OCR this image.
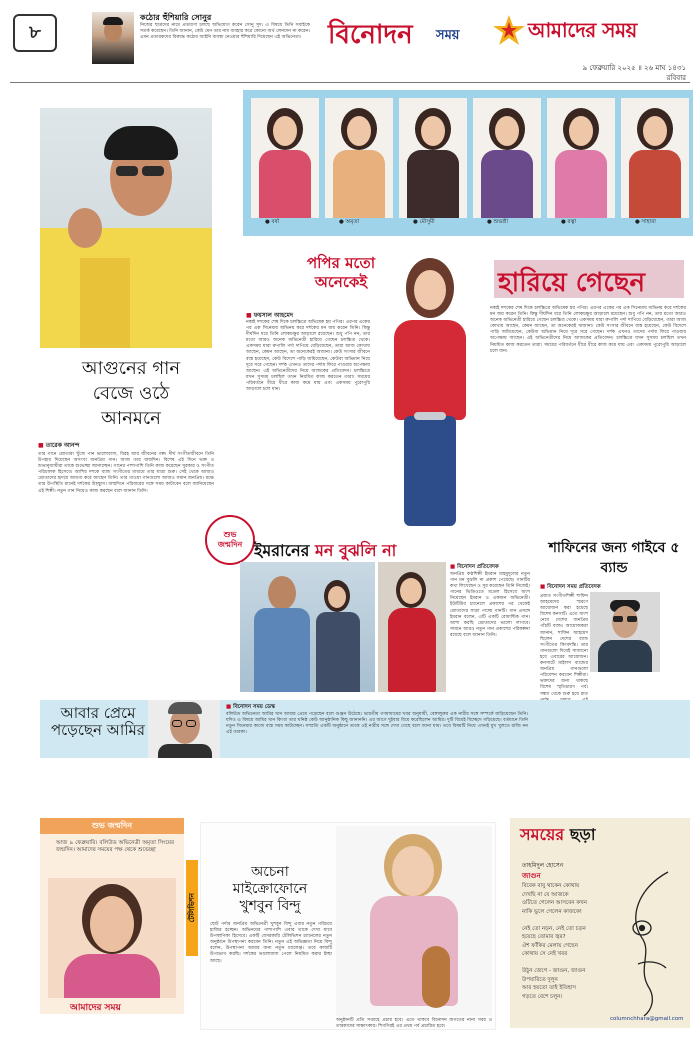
৮
কঠোর হুঁশিয়ারি সোনুর
নিজের ছাত্রদের নামে প্রতারণা চলছে অভিযোগ করেন সোনু সুদ। এ বিষয়ে তিনি সবাইকে সতর্ক করেছেন। তিনি জানান, কেউ যেন তার নাম ব্যবহার করে কোনো অর্থ লেনদেন না করেন। এমন প্রতারকদের বিরুদ্ধে কঠোর আইনি ব্যবস্থা নেওয়ার হুঁশিয়ারি দিয়েছেন এই অভিনেতা।	বিনোদন সময়	আমাদের সময়
৯ ফেব্রুয়ারি ২০২৫ ॥ ২৬ মাঘ ১৪৩১
রবিবার
আগুনের গান বেজে ওঠে আনমনে
■ তারেক আনন্দ
তার গানে শ্রোতারা খুঁজে পান ভালোবাসা, বিরহ আর জীবনের গল্প। দীর্ঘ সংগীতজীবনে তিনি উপহার দিয়েছেন অসংখ্য জনপ্রিয় গান। আজ তার জন্মদিন। বিশেষ এই দিনে ভক্ত ও শুভানুধ্যায়ীরা তাকে শুভেচ্ছা জানাচ্ছেন। গানের পাশাপাশি তিনি কাজ করেছেন সুরকার ও সংগীত পরিচালক হিসেবে। আশির দশকে ব্যান্ড সংগীতের মাধ্যমে তার যাত্রা শুরু। সেই থেকে আজও শ্রোতাদের হৃদয়ে জায়গা করে আছেন তিনি। তার গাওয়া গানগুলো আজও সমান জনপ্রিয়। মঞ্চে তার উপস্থিতি মানেই দর্শকের উচ্ছ্বাস। জন্মদিনে পরিবারের সঙ্গে সময় কাটাবেন বলে জানিয়েছেন এই শিল্পী। নতুন গান নিয়েও কাজ করছেন বলে জানান তিনি।
শুভ জন্মদিন
● বর্ষা	● অমৃতা	● মৌসুমী	● শুভশ্রী	● রত্না	● সাহারা
পপির মতো অনেকেই	হারিয়ে গেছেন
■ ফয়সাল আহমেদ
নব্বই দশকের শেষ দিকে চলচ্চিত্রে অভিষেক হয় পপির। এরপর একের পর এক সিনেমায় অভিনয় করে দর্শকের মন জয় করেন তিনি। কিন্তু দীর্ঘদিন ধরে তিনি লোকচক্ষুর আড়ালে রয়েছেন। শুধু পপি নন, তার মতো আরও অনেক অভিনেত্রী হারিয়ে গেছেন চলচ্চিত্র থেকে। একসময় যারা রুপালি পর্দা দাপিয়ে বেড়িয়েছেন, তারা আজ কোথায় আছেন, কেমন আছেন, তা অনেকেরই অজানা। কেউ সংসার জীবনে ব্যস্ত হয়েছেন, কেউ বিদেশে পাড়ি জমিয়েছেন, কেউবা অভিমান নিয়ে দূরে সরে গেছেন। দর্শক এখনও তাদের পর্দায় ফিরে পাওয়ার অপেক্ষায় আছেন। এই অভিনেত্রীদের নিয়ে আজকের প্রতিবেদন। চলচ্চিত্রে যখন সুসময় চলছিল তখন নিয়মিত কাজ করতেন তারা। সময়ের পরিবর্তনে ধীরে ধীরে কাজ কমে যায় এবং একসময় পুরোপুরি আড়ালে চলে যান।
নব্বই দশকের শেষ দিকে চলচ্চিত্রে অভিষেক হয় পপির। এরপর একের পর এক সিনেমায় অভিনয় করে দর্শকের মন জয় করেন তিনি। কিন্তু দীর্ঘদিন ধরে তিনি লোকচক্ষুর আড়ালে রয়েছেন। শুধু পপি নন, তার মতো আরও অনেক অভিনেত্রী হারিয়ে গেছেন চলচ্চিত্র থেকে। একসময় যারা রুপালি পর্দা দাপিয়ে বেড়িয়েছেন, তারা আজ কোথায় আছেন, কেমন আছেন, তা অনেকেরই অজানা। কেউ সংসার জীবনে ব্যস্ত হয়েছেন, কেউ বিদেশে পাড়ি জমিয়েছেন, কেউবা অভিমান নিয়ে দূরে সরে গেছেন। দর্শক এখনও তাদের পর্দায় ফিরে পাওয়ার অপেক্ষায় আছেন। এই অভিনেত্রীদের নিয়ে আজকের প্রতিবেদন। চলচ্চিত্রে যখন সুসময় চলছিল তখন নিয়মিত কাজ করতেন তারা। সময়ের পরিবর্তনে ধীরে ধীরে কাজ কমে যায় এবং একসময় পুরোপুরি আড়ালে চলে যান।
ইমরানের মন বুঝলি না
■ বিনোদন প্রতিবেদক
জনপ্রিয় কণ্ঠশিল্পী ইমরান মাহমুদুলের নতুন গান মন বুঝলি না প্রকাশ পেয়েছে। গানটির কথা লিখেছেন ও সুর করেছেন তিনি নিজেই। গানের ভিডিওতে মডেল হিসেবে অংশ নিয়েছেন ইমরান ও একজন অভিনেত্রী। ইউটিউব চ্যানেলে প্রকাশের পর থেকেই শ্রোতাদের সাড়া পাচ্ছে গানটি। গান প্রসঙ্গে ইমরান বলেন, এটি একটি রোমান্টিক গান। আশা করছি শ্রোতাদের ভালো লাগবে। সামনে আরও নতুন গান প্রকাশের পরিকল্পনা রয়েছে বলে জানান তিনি।
শাফিনের জন্য গাইবে ৫ ব্যান্ড
■ বিনোদন সময় প্রতিবেদক
প্রয়াত সংগীতশিল্পী শাফিন আহমেদের স্মরণে আয়োজন করা হয়েছে বিশেষ কনসার্ট। এতে অংশ নেবে দেশের জনপ্রিয় পাঁচটি ব্যান্ড। আয়োজকরা জানান, শাফিন আহমেদ ছিলেন দেশের ব্যান্ড সংগীতের কিংবদন্তি। তার গানগুলো দিয়েই সাজানো হবে এবারের আয়োজন। কনসার্টে মাইলস ব্যান্ডের জনপ্রিয় গানগুলো পরিবেশন করবেন শিল্পীরা। ভক্তদের জন্য থাকছে বিশেষ স্মৃতিচারণ পর্ব। সন্ধ্যা থেকে শুরু হয়ে রাত
আবার প্রেমে পড়েছেন আমির
■ বিনোদন সময় ডেস্ক
বলিউড অভিনেতা আমির খান আবার প্রেমে পড়েছেন বলে গুঞ্জন উঠেছে। ভারতীয় গণমাধ্যমের খবর অনুযায়ী, বেঙ্গালুরুর এক নারীর সঙ্গে সম্পর্কে জড়িয়েছেন তিনি। যদিও এ বিষয়ে আমির খান কিংবা তার ঘনিষ্ঠ কেউ আনুষ্ঠানিক কিছু জানাননি। এর আগে দুইবার বিয়ে করেছিলেন আমির। দুটি বিয়েই বিচ্ছেদে গড়িয়েছে। বর্তমানে তিনি নতুন সিনেমার কাজে ব্যস্ত সময় কাটাচ্ছেন। সম্প্রতি একটি অনুষ্ঠানে তাকে ওই নারীর সঙ্গে দেখা গেছে বলে জানা যায়। তবে বিষয়টি নিয়ে এখনই মুখ খুলতে রাজি নন এই তারকা।
শুভ জন্মদিন
আজ ৯ ফেব্রুয়ারি। বলিউড অভিনেত্রী অমৃতা সিংয়ের জন্মদিন। আমাদের সময়ের পক্ষ থেকে শুভেচ্ছা
আমাদের সময়
টেলিভিশন
অচেনা মাইক্রোফোনে খুশবুন বিন্দু
ছোট পর্দার জনপ্রিয় অভিনেত্রী খুশবুন বিন্দু এবার নতুন পরিচয়ে হাজির হচ্ছেন। অভিনয়ের পাশাপাশি এবার তাকে দেখা যাবে উপস্থাপিকা হিসেবে। একটি বেসরকারি টেলিভিশন চ্যানেলের নতুন অনুষ্ঠানে উপস্থাপনা করবেন তিনি। নতুন এই অভিজ্ঞতা নিয়ে বিন্দু বলেন, উপস্থাপনা আমার জন্য নতুন চ্যালেঞ্জ। তবে কাজটি উপভোগ করছি। দর্শকের ভালোবাসা পেলে নিয়মিত করার ইচ্ছা আছে।
অনুষ্ঠানটি প্রতি সপ্তাহে প্রচার হবে। এতে থাকবে বিনোদন জগতের নানা খবর ও তারকাদের সাক্ষাৎকার। শিগগিরই এর প্রথম পর্ব প্রচারিত হবে।
সময়ের ছড়া
তাহমিদুল হোসেন
জাগুন
বিবেক বাবু থাকেন কোথায়
দেখছি না যে আজকে
ওটিতে গেলেন আসবেন কখন
নাকি ভুলে গেলেন কাজকে!

নেই তো নড়ন, নেই তো চড়ন
হয়েছে তোমার জ্বর?
ঐশ ফাঁকির মেলায় গেছেন
কোথায় সে নেই খবর

উঠুন জেগে - জাগুন, জাগুন
উপযারিতে দুলুন
আর হয়তো তাই ইতিহাস
গড়তে বেশে চলুন।
columnchhara@gmail.com
